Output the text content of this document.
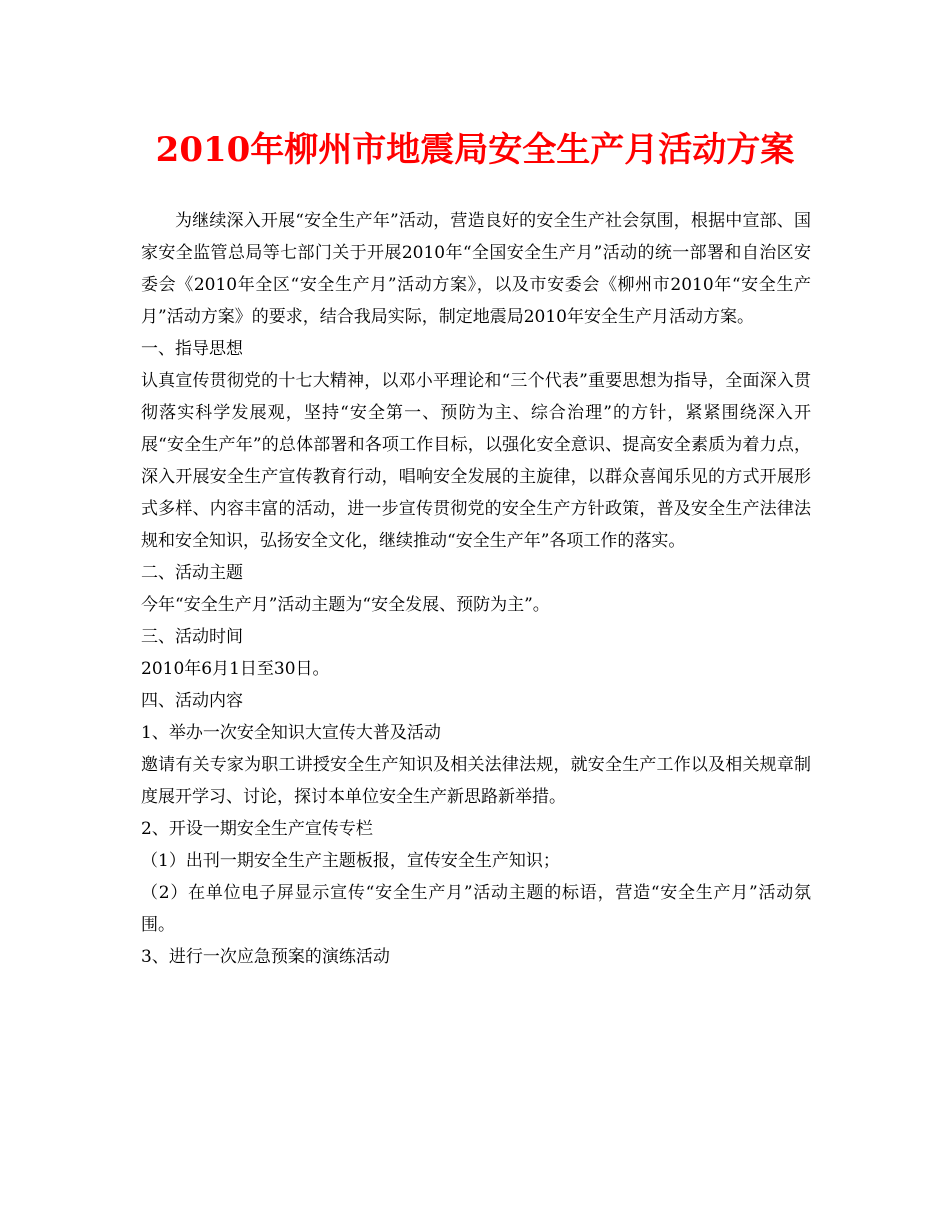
2010年柳州市地震局安全生产月活动方案

为继续深入开展“安全生产年”活动，营造良好的安全生产社会氛围，根据中宣部、国家安全监管总局等七部门关于开展2010年“全国安全生产月”活动的统一部署和自治区安委会《2010年全区“安全生产月”活动方案》，以及市安委会《柳州市2010年“安全生产月”活动方案》的要求，结合我局实际，制定地震局2010年安全生产月活动方案。

一、指导思想

认真宣传贯彻党的十七大精神，以邓小平理论和“三个代表”重要思想为指导，全面深入贯彻落实科学发展观，坚持“安全第一、预防为主、综合治理”的方针，紧紧围绕深入开展“安全生产年”的总体部署和各项工作目标，以强化安全意识、提高安全素质为着力点，深入开展安全生产宣传教育行动，唱响安全发展的主旋律，以群众喜闻乐见的方式开展形式多样、内容丰富的活动，进一步宣传贯彻党的安全生产方针政策，普及安全生产法律法规和安全知识，弘扬安全文化，继续推动“安全生产年”各项工作的落实。

二、活动主题

今年“安全生产月”活动主题为“安全发展、预防为主”。

三、活动时间

2010年6月1日至30日。

四、活动内容

1、举办一次安全知识大宣传大普及活动

邀请有关专家为职工讲授安全生产知识及相关法律法规，就安全生产工作以及相关规章制度展开学习、讨论，探讨本单位安全生产新思路新举措。

2、开设一期安全生产宣传专栏

（1）出刊一期安全生产主题板报，宣传安全生产知识；

（2）在单位电子屏显示宣传“安全生产月”活动主题的标语，营造“安全生产月”活动氛围。

3、进行一次应急预案的演练活动
